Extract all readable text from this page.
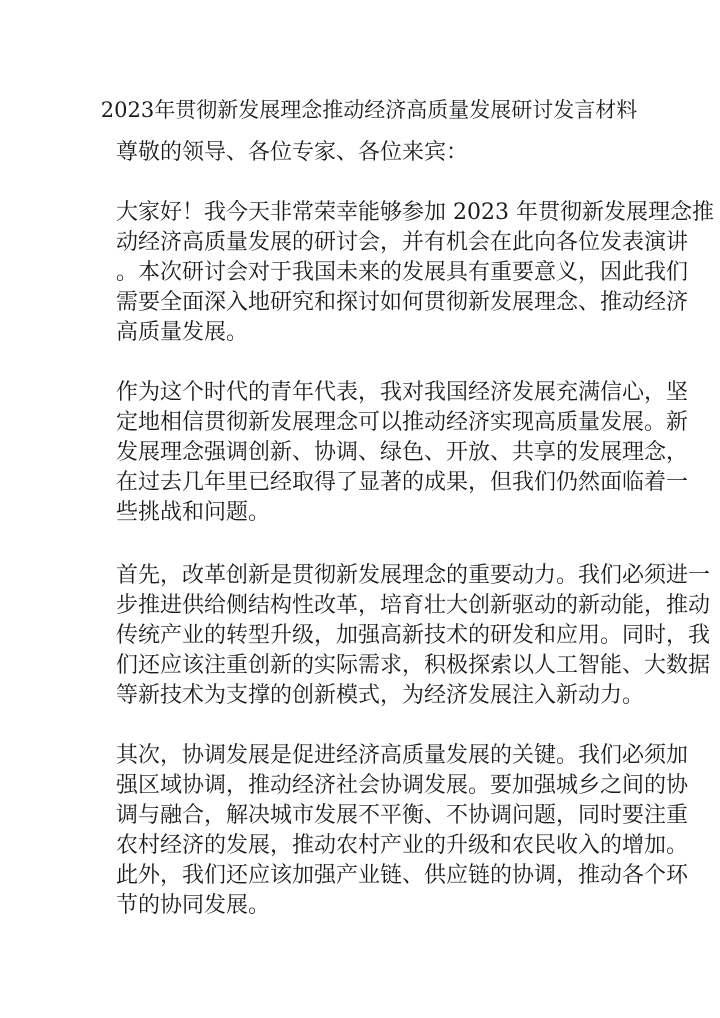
2023年贯彻新发展理念推动经济高质量发展研讨发言材料
尊敬的领导、各位专家、各位来宾：
大家好！我今天非常荣幸能够参加 2023 年贯彻新发展理念推
动经济高质量发展的研讨会，并有机会在此向各位发表演讲
。本次研讨会对于我国未来的发展具有重要意义，因此我们
需要全面深入地研究和探讨如何贯彻新发展理念、推动经济
高质量发展。
作为这个时代的青年代表，我对我国经济发展充满信心，坚
定地相信贯彻新发展理念可以推动经济实现高质量发展。新
发展理念强调创新、协调、绿色、开放、共享的发展理念，
在过去几年里已经取得了显著的成果，但我们仍然面临着一
些挑战和问题。
首先，改革创新是贯彻新发展理念的重要动力。我们必须进一
步推进供给侧结构性改革，培育壮大创新驱动的新动能，推动
传统产业的转型升级，加强高新技术的研发和应用。同时，我
们还应该注重创新的实际需求，积极探索以人工智能、大数据
等新技术为支撑的创新模式，为经济发展注入新动力。
其次，协调发展是促进经济高质量发展的关键。我们必须加
强区域协调，推动经济社会协调发展。要加强城乡之间的协
调与融合，解决城市发展不平衡、不协调问题，同时要注重
农村经济的发展，推动农村产业的升级和农民收入的增加。
此外，我们还应该加强产业链、供应链的协调，推动各个环
节的协同发展。
